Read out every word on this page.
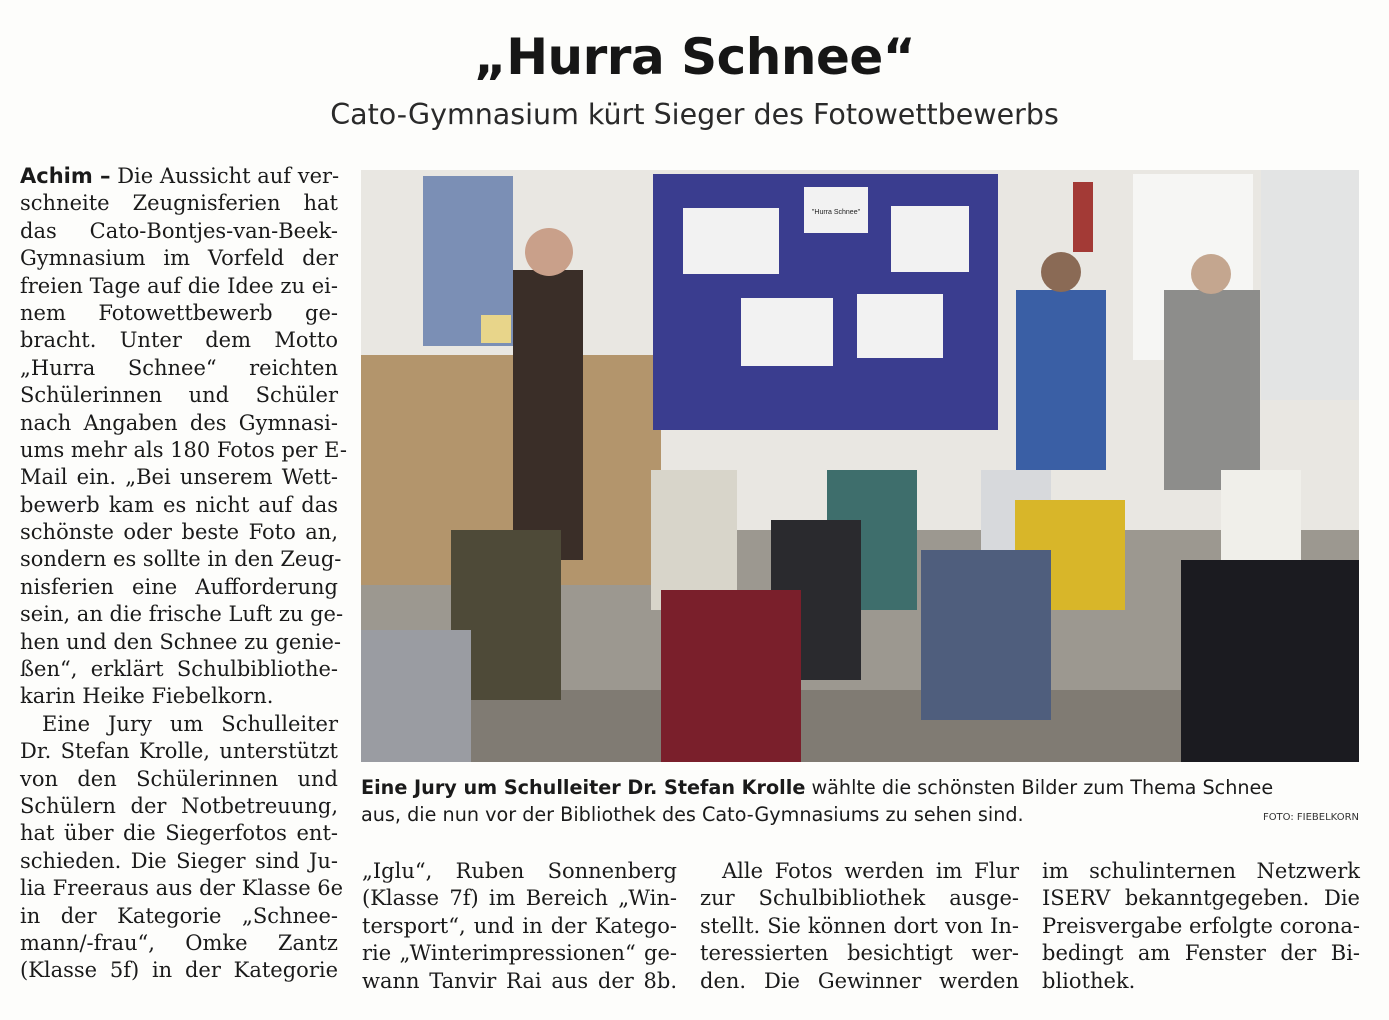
„Hurra Schnee“
Cato-Gymnasium kürt Sieger des Fotowettbewerbs
Achim – Die Aussicht auf ver-
schneite Zeugnisferien hat
das Cato-Bontjes-van-Beek-
Gymnasium im Vorfeld der
freien Tage auf die Idee zu ei-
nem Fotowettbewerb ge-
bracht. Unter dem Motto
„Hurra Schnee“ reichten
Schülerinnen und Schüler
nach Angaben des Gymnasi-
ums mehr als 180 Fotos per E-
Mail ein. „Bei unserem Wett-
bewerb kam es nicht auf das
schönste oder beste Foto an,
sondern es sollte in den Zeug-
nisferien eine Aufforderung
sein, an die frische Luft zu ge-
hen und den Schnee zu genie-
ßen“, erklärt Schulbibliothe-
karin Heike Fiebelkorn.
Eine Jury um Schulleiter
Dr. Stefan Krolle, unterstützt
von den Schülerinnen und
Schülern der Notbetreuung,
hat über die Siegerfotos ent-
schieden. Die Sieger sind Ju-
lia Freeraus aus der Klasse 6e
in der Kategorie „Schnee-
mann/-frau“, Omke Zantz
(Klasse 5f) in der Kategorie
"Hurra Schnee"
Eine Jury um Schulleiter Dr. Stefan Krolle wählte die schönsten Bilder zum Thema Schnee
aus, die nun vor der Bibliothek des Cato-Gymnasiums zu sehen sind.	FOTO: FIEBELKORN
„Iglu“, Ruben Sonnenberg
(Klasse 7f) im Bereich „Win-
tersport“, und in der Katego-
rie „Winterimpressionen“ ge-
wann Tanvir Rai aus der 8b.
Alle Fotos werden im Flur
zur Schulbibliothek ausge-
stellt. Sie können dort von In-
teressierten besichtigt wer-
den. Die Gewinner werden
im schulinternen Netzwerk
ISERV bekanntgegeben. Die
Preisvergabe erfolgte corona-
bedingt am Fenster der Bi-
bliothek.
